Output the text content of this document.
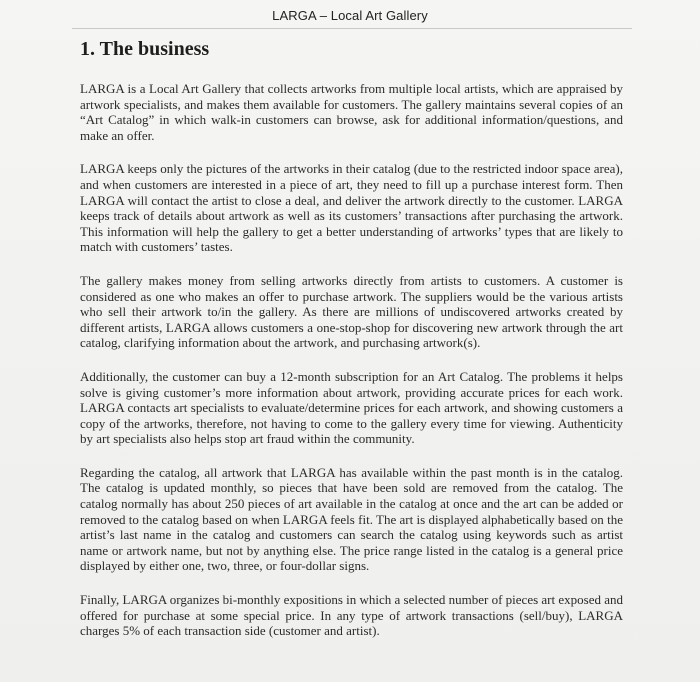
LARGA – Local Art Gallery
1. The business

LARGA is a Local Art Gallery that collects artworks from multiple local artists, which are appraised by artwork specialists, and makes them available for customers. The gallery maintains several copies of an “Art Catalog” in which walk-in customers can browse, ask for additional information/questions, and make an offer.

LARGA keeps only the pictures of the artworks in their catalog (due to the restricted indoor space area), and when customers are interested in a piece of art, they need to fill up a purchase interest form. Then LARGA will contact the artist to close a deal, and deliver the artwork directly to the customer. LARGA keeps track of details about artwork as well as its customers’ transactions after purchasing the artwork. This information will help the gallery to get a better understanding of artworks’ types that are likely to match with customers’ tastes.

The gallery makes money from selling artworks directly from artists to customers. A customer is considered as one who makes an offer to purchase artwork. The suppliers would be the various artists who sell their artwork to/in the gallery. As there are millions of undiscovered artworks created by different artists, LARGA allows customers a one-stop-shop for discovering new artwork through the art catalog, clarifying information about the artwork, and purchasing artwork(s).

Additionally, the customer can buy a 12-month subscription for an Art Catalog. The problems it helps solve is giving customer’s more information about artwork, providing accurate prices for each work. LARGA contacts art specialists to evaluate/determine prices for each artwork, and showing customers a copy of the artworks, therefore, not having to come to the gallery every time for viewing. Authenticity by art specialists also helps stop art fraud within the community.

Regarding the catalog, all artwork that LARGA has available within the past month is in the catalog. The catalog is updated monthly, so pieces that have been sold are removed from the catalog. The catalog normally has about 250 pieces of art available in the catalog at once and the art can be added or removed to the catalog based on when LARGA feels fit. The art is displayed alphabetically based on the artist’s last name in the catalog and customers can search the catalog using keywords such as artist name or artwork name, but not by anything else. The price range listed in the catalog is a general price displayed by either one, two, three, or four-dollar signs.

Finally, LARGA organizes bi-monthly expositions in which a selected number of pieces art exposed and offered for purchase at some special price. In any type of artwork transactions (sell/buy), LARGA charges 5% of each transaction side (customer and artist).
